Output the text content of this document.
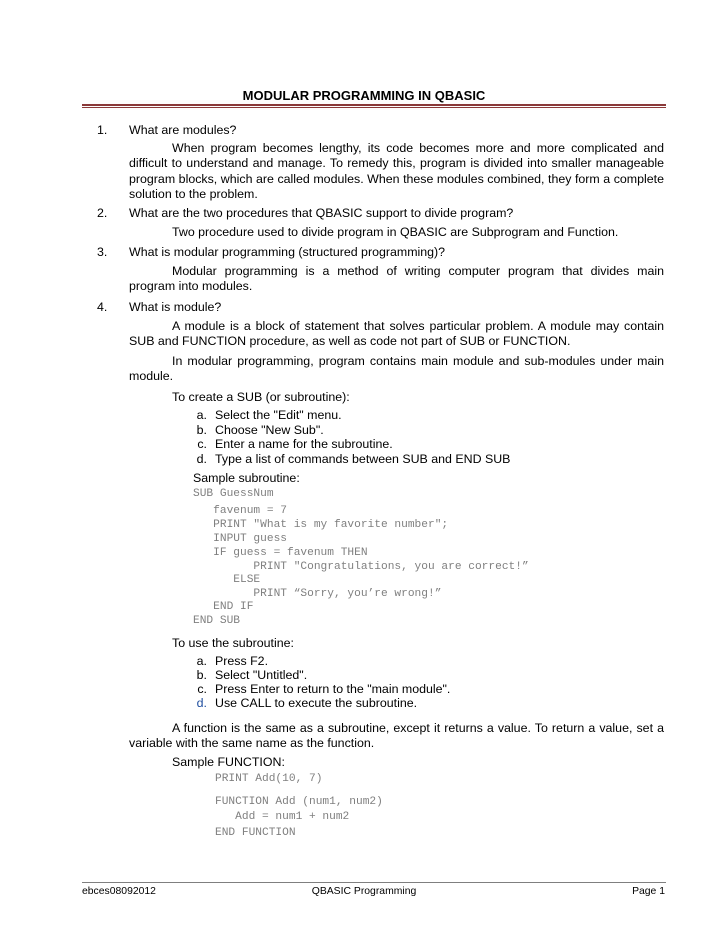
MODULAR PROGRAMMING IN QBASIC
1. What are modules?

When program becomes lengthy, its code becomes more and more complicated and difficult to understand and manage. To remedy this, program is divided into smaller manageable program blocks, which are called modules. When these modules combined, they form a complete solution to the problem.

2. What are the two procedures that QBASIC support to divide program?

Two procedure used to divide program in QBASIC are Subprogram and Function.

3. What is modular programming (structured programming)?

Modular programming is a method of writing computer program that divides main program into modules.

4. What is module?

A module is a block of statement that solves particular problem. A module may contain SUB and FUNCTION procedure, as well as code not part of SUB or FUNCTION.

In modular programming, program contains main module and sub-modules under main module.

To create a SUB (or subroutine):
a. Select the "Edit" menu.
b. Choose "New Sub".
c. Enter a name for the subroutine.
d. Type a list of commands between SUB and END SUB
Sample subroutine:
SUB GuessNum
favenum = 7
PRINT "What is my favorite number";
INPUT guess
IF guess = favenum THEN
PRINT "Congratulations, you are correct!”
ELSE
PRINT “Sorry, you’re wrong!”
END IF
END SUB
To use the subroutine:
a. Press F2.
b. Select "Untitled".
c. Press Enter to return to the "main module".
d. Use CALL to execute the subroutine.

A function is the same as a subroutine, except it returns a value. To return a value, set a variable with the same name as the function.

Sample FUNCTION:
PRINT Add(10, 7)
FUNCTION Add (num1, num2)
Add = num1 + num2
END FUNCTION
ebces08092012	QBASIC Programming	Page 1
